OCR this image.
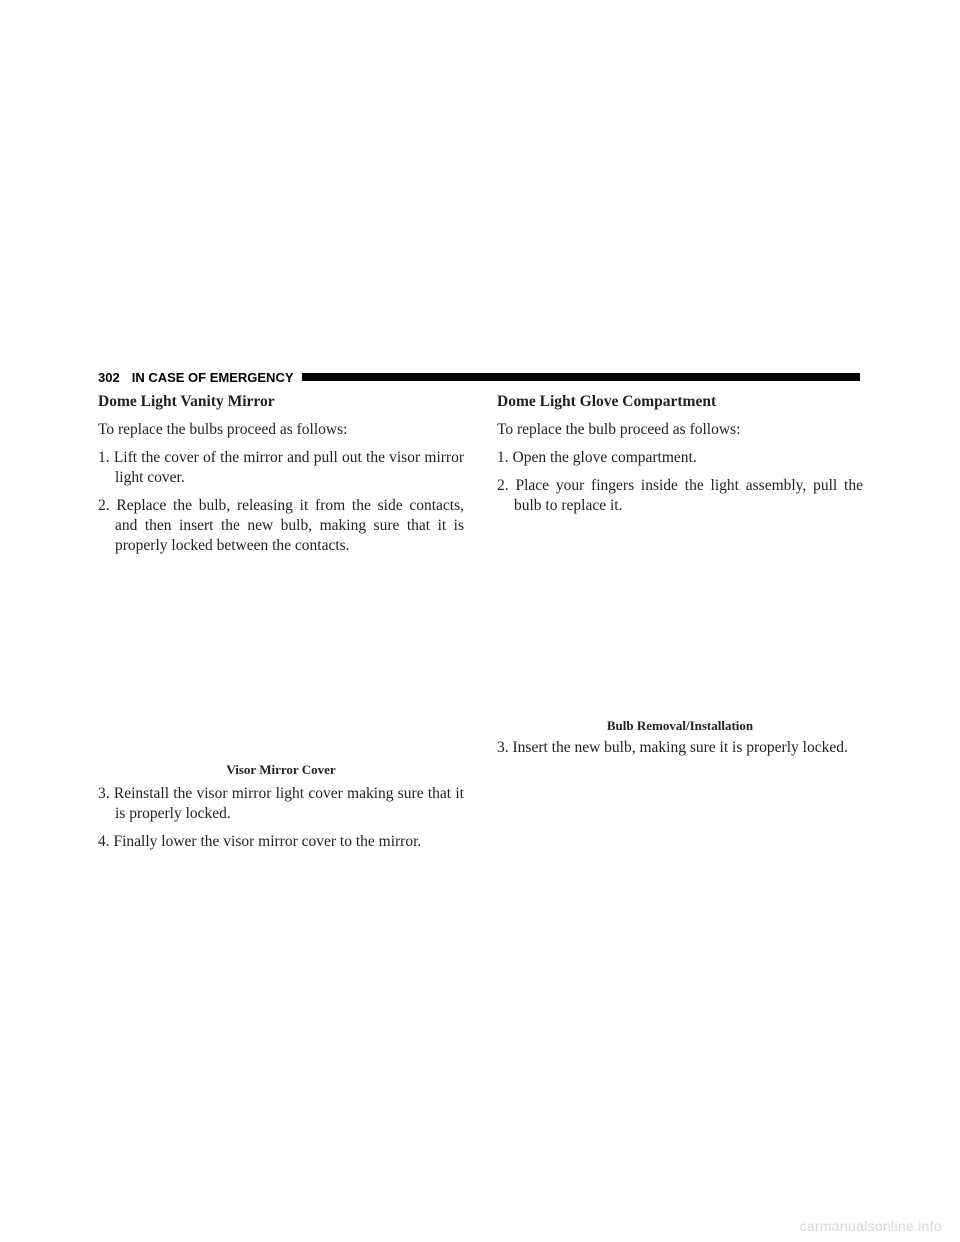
302 IN CASE OF EMERGENCY
Dome Light Vanity Mirror
To replace the bulbs proceed as follows:
1. Lift the cover of the mirror and pull out the visor mirror light cover.
2. Replace the bulb, releasing it from the side contacts, and then insert the new bulb, making sure that it is properly locked between the contacts.
Visor Mirror Cover
3. Reinstall the visor mirror light cover making sure that it is properly locked.
4. Finally lower the visor mirror cover to the mirror.
Dome Light Glove Compartment
To replace the bulb proceed as follows:
1. Open the glove compartment.
2. Place your fingers inside the light assembly, pull the bulb to replace it.
Bulb Removal/Installation
3. Insert the new bulb, making sure it is properly locked.
carmanualsonline.info
